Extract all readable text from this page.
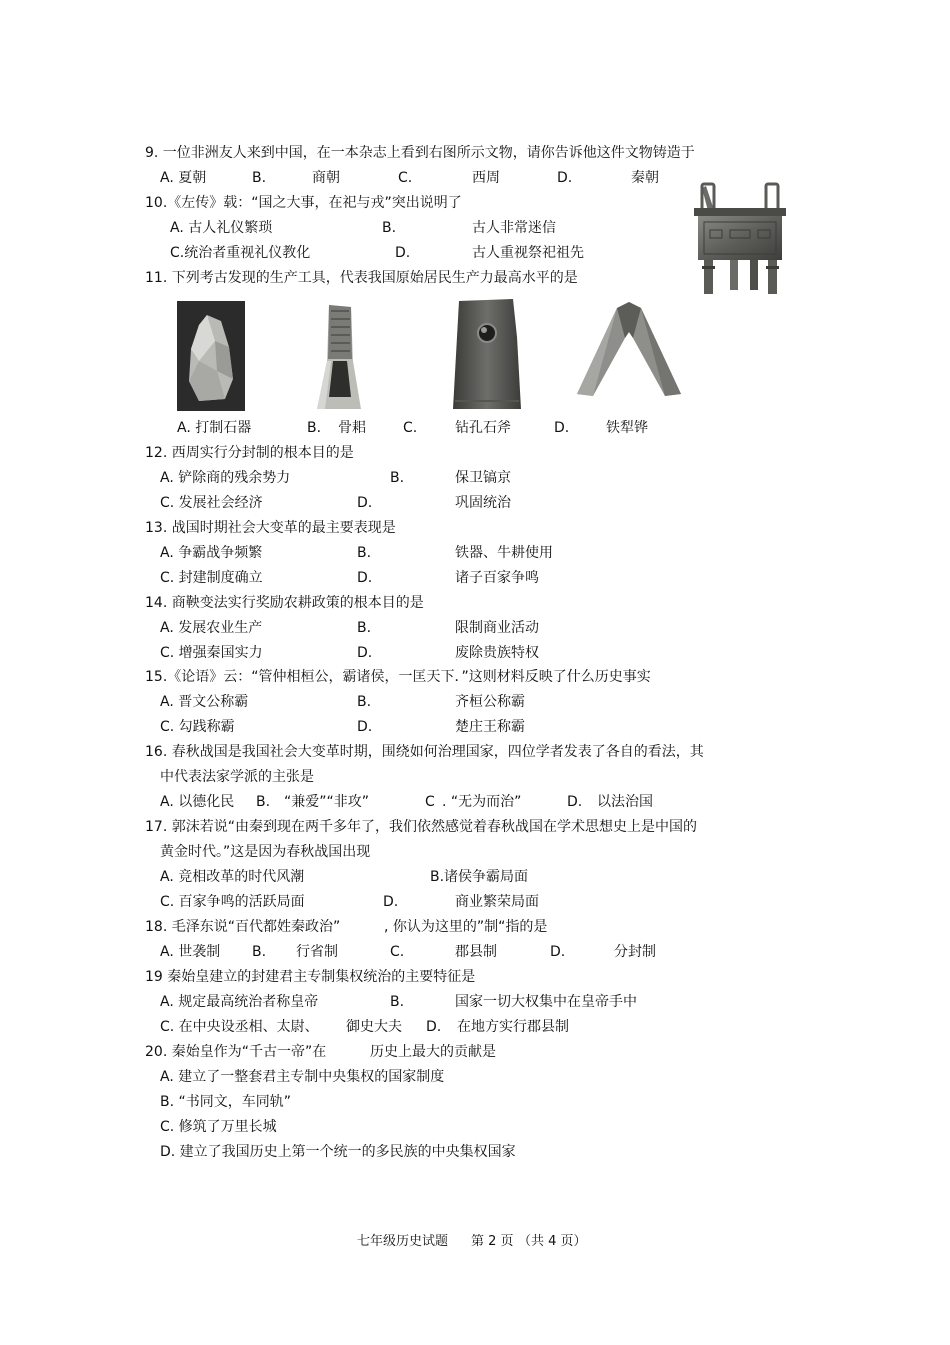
9. 一位非洲友人来到中国，在一本杂志上看到右图所示文物，请你告诉他这件文物铸造于
A. 夏朝	B.	商朝	C.	西周	D.	秦朝
10.《左传》载：“国之大事，在祀与戎”突出说明了
A. 古人礼仪繁琐	B.	古人非常迷信
C.统治者重视礼仪教化	D.	古人重视祭祀祖先
11. 下列考古发现的生产工具，代表我国原始居民生产力最高水平的是
A. 打制石器	B. 骨耜	C.	钻孔石斧	D.	铁犁铧
12. 西周实行分封制的根本目的是
A. 铲除商的残余势力	B.	保卫镐京
C. 发展社会经济	D.	巩固统治
13. 战国时期社会大变革的最主要表现是
A. 争霸战争频繁	B.	铁器、牛耕使用
C. 封建制度确立	D.	诸子百家争鸣
14. 商鞅变法实行奖励农耕政策的根本目的是
A. 发展农业生产	B.	限制商业活动
C. 增强秦国实力	D.	废除贵族特权
15.《论语》云：“管仲相桓公，霸诸侯，一匡天下．”这则材料反映了什么历史事实
A. 晋文公称霸	B.	齐桓公称霸
C. 勾践称霸	D.	楚庄王称霸
16. 春秋战国是我国社会大变革时期，围绕如何治理国家，四位学者发表了各自的看法，其
中代表法家学派的主张是
A. 以德化民 B. “兼爱”“非攻”	C . “无为而治”	D. 以法治国
17. 郭沫若说“由秦到现在两千多年了，我们依然感觉着春秋战国在学术思想史上是中国的
黄金时代。”这是因为春秋战国出现
A. 竞相改革的时代风潮	B.诸侯争霸局面
C. 百家争鸣的活跃局面	D.	商业繁荣局面
18. 毛泽东说“百代都姓秦政治”	, 你认为这里的”制“指的是
A. 世袭制 B. 行省制	C.	郡县制	D.	分封制
19 秦始皇建立的封建君主专制集权统治的主要特征是
A. 规定最高统治者称皇帝	B.	国家一切大权集中在皇帝手中
C. 在中央设丞相、太尉、 御史大夫 D. 在地方实行郡县制
20. 秦始皇作为“千古一帝”在	历史上最大的贡献是
A. 建立了一整套君主专制中央集权的国家制度
B. “书同文，车同轨”
C. 修筑了万里长城
D. 建立了我国历史上第一个统一的多民族的中央集权国家
七年级历史试题 第 2 页 （共 4 页）
